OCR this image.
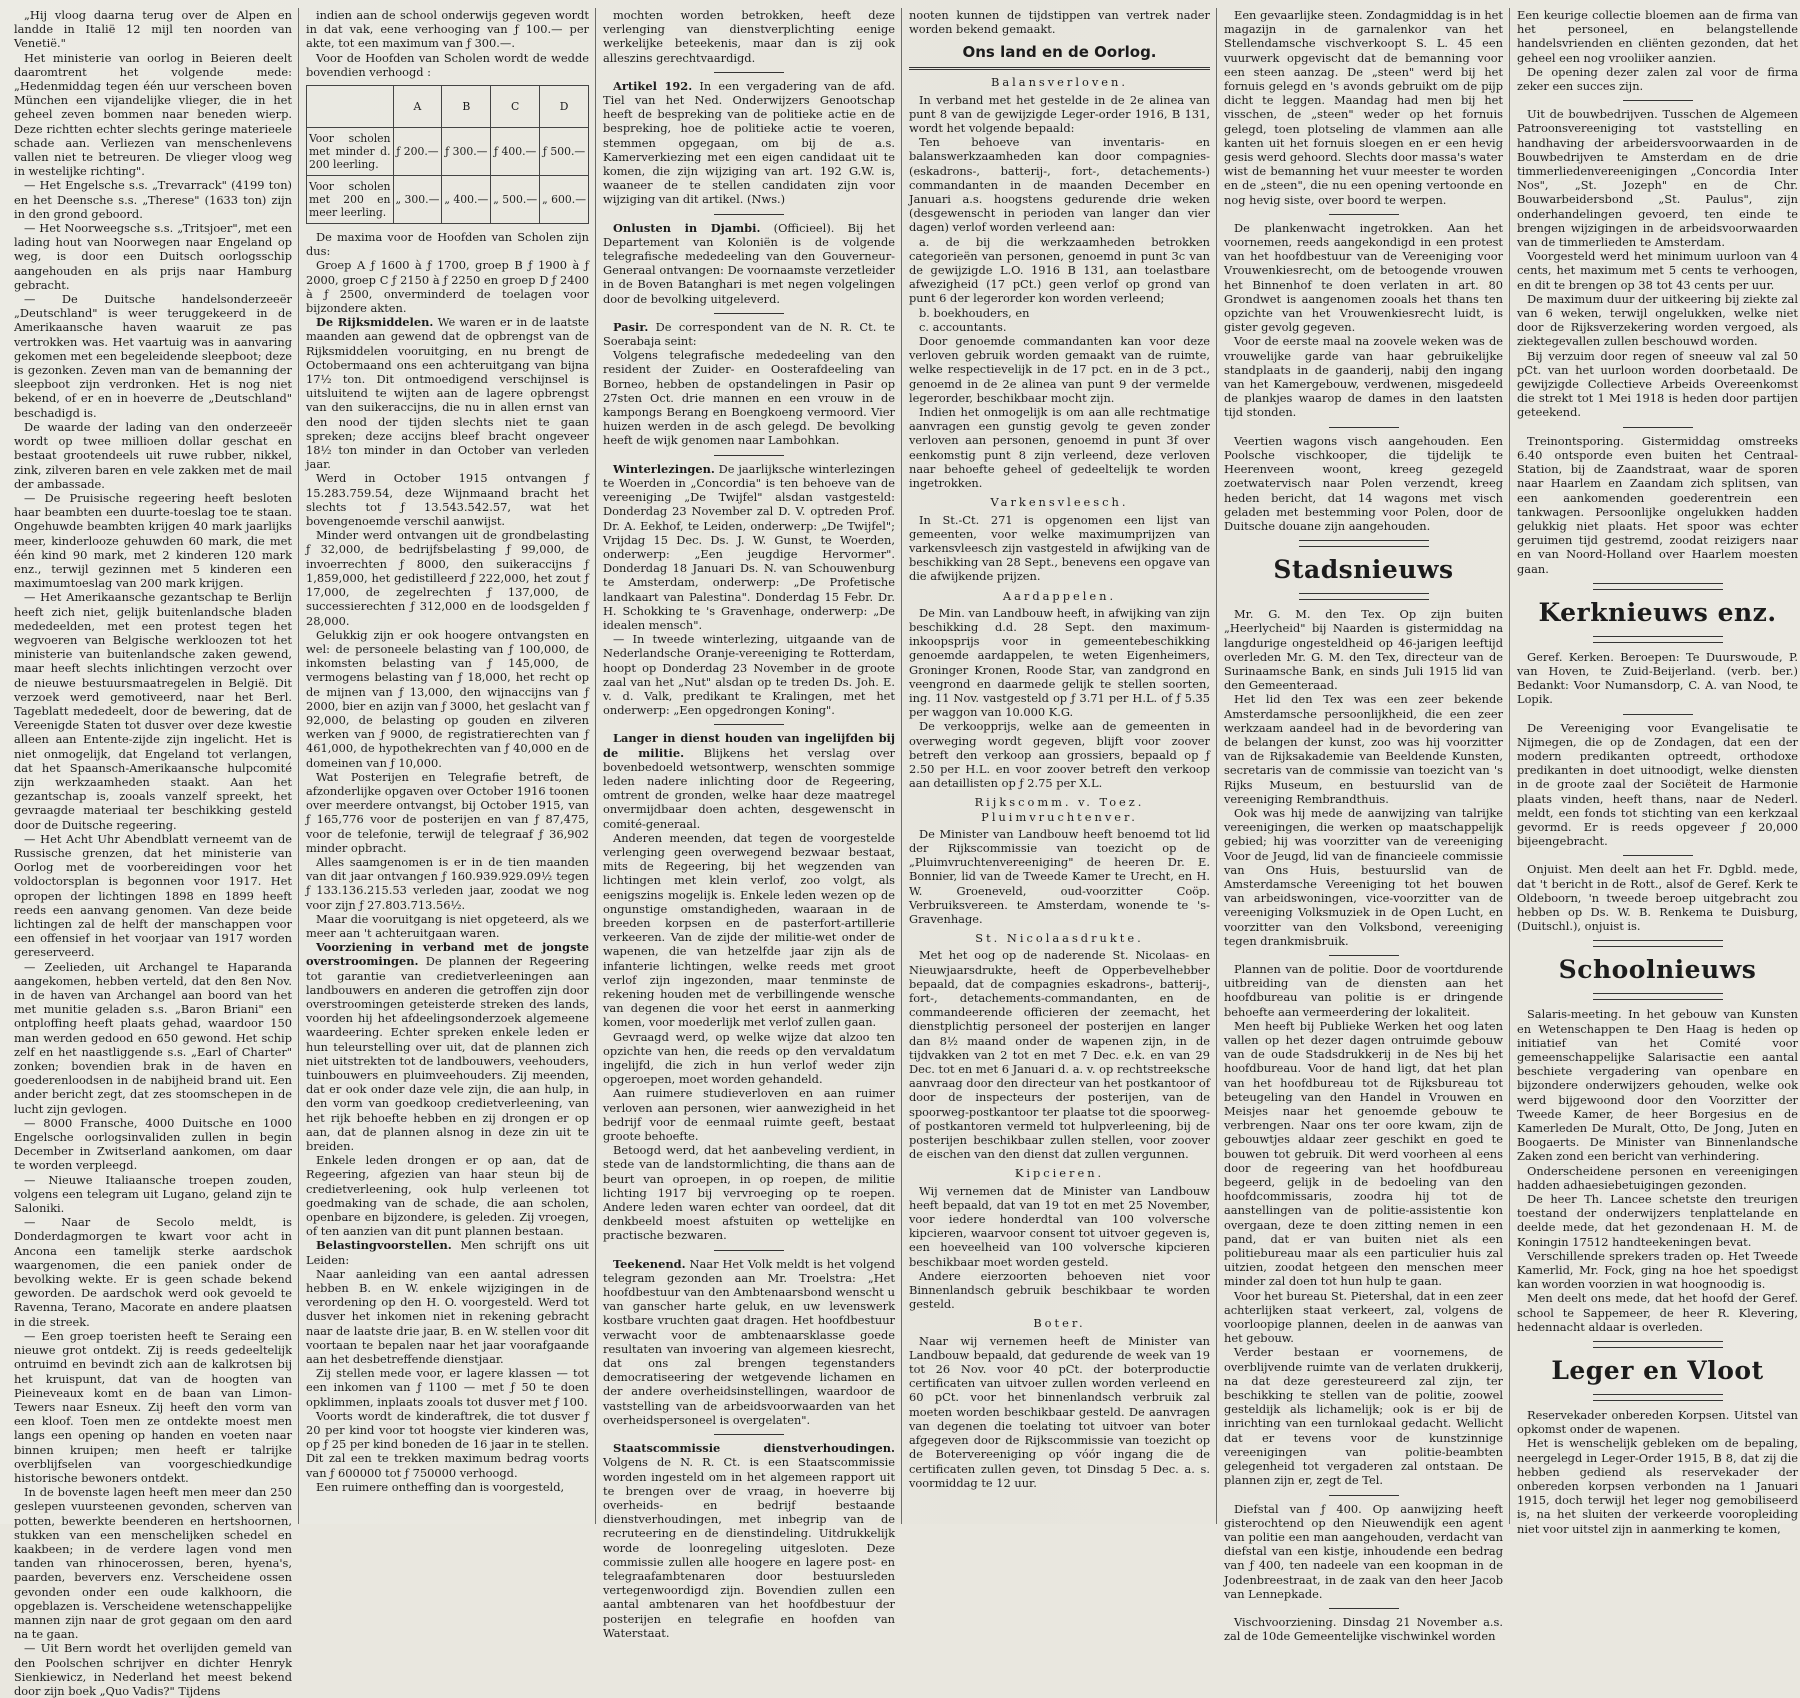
„Hij vloog daarna terug over de Alpen en landde in Italië 12 mijl ten noorden van Venetië."

Het ministerie van oorlog in Beieren deelt daaromtrent het volgende mede: „Hedenmiddag tegen één uur verscheen boven München een vijandelijke vlieger, die in het geheel zeven bommen naar beneden wierp. Deze richtten echter slechts geringe materieele schade aan. Verliezen van menschenlevens vallen niet te betreuren. De vlieger vloog weg in westelijke richting".

— Het Engelsche s.s. „Trevarrack" (4199 ton) en het Deensche s.s. „Therese" (1633 ton) zijn in den grond geboord.

— Het Noorweegsche s.s. „Tritsjoer", met een lading hout van Noorwegen naar Engeland op weg, is door een Duitsch oorlogsschip aangehouden en als prijs naar Hamburg gebracht.

— De Duitsche handelsonderzeeër „Deutschland" is weer teruggekeerd in de Amerikaansche haven waaruit ze pas vertrokken was. Het vaartuig was in aanvaring gekomen met een begeleidende sleepboot; deze is gezonken. Zeven man van de bemanning der sleepboot zijn verdronken. Het is nog niet bekend, of er en in hoeverre de „Deutschland" beschadigd is.

De waarde der lading van den onderzeeër wordt op twee millioen dollar geschat en bestaat grootendeels uit ruwe rubber, nikkel, zink, zilveren baren en vele zakken met de mail der ambassade.

— De Pruisische regeering heeft besloten haar beambten een duurte-toeslag toe te staan. Ongehuwde beambten krijgen 40 mark jaarlijks meer, kinderlooze gehuwden 60 mark, die met één kind 90 mark, met 2 kinderen 120 mark enz., terwijl gezinnen met 5 kinderen een maximumtoeslag van 200 mark krijgen.

— Het Amerikaansche gezantschap te Berlijn heeft zich niet, gelijk buitenlandsche bladen mededeelden, met een protest tegen het wegvoeren van Belgische werkloozen tot het ministerie van buitenlandsche zaken gewend, maar heeft slechts inlichtingen verzocht over de nieuwe bestuursmaatregelen in België. Dit verzoek werd gemotiveerd, naar het Berl. Tageblatt mededeelt, door de bewering, dat de Vereenigde Staten tot dusver over deze kwestie alleen aan Entente-zijde zijn ingelicht. Het is niet onmogelijk, dat Engeland tot verlangen, dat het Spaansch-Amerikaansche hulpcomité zijn werkzaamheden staakt. Aan het gezantschap is, zooals vanzelf spreekt, het gevraagde materiaal ter beschikking gesteld door de Duitsche regeering.

— Het Acht Uhr Abendblatt verneemt van de Russische grenzen, dat het ministerie van Oorlog met de voorbereidingen voor het voldoctorsplan is begonnen voor 1917. Het opropen der lichtingen 1898 en 1899 heeft reeds een aanvang genomen. Van deze beide lichtingen zal de helft der manschappen voor een offensief in het voorjaar van 1917 worden gereserveerd.

— Zeelieden, uit Archangel te Haparanda aangekomen, hebben verteld, dat den 8en Nov. in de haven van Archangel aan boord van het met munitie geladen s.s. „Baron Briani" een ontploffing heeft plaats gehad, waardoor 150 man werden gedood en 650 gewond. Het schip zelf en het naastliggende s.s. „Earl of Charter" zonken; bovendien brak in de haven en goederenloodsen in de nabijheid brand uit. Een ander bericht zegt, dat zes stoomschepen in de lucht zijn gevlogen.

— 8000 Fransche, 4000 Duitsche en 1000 Engelsche oorlogsinvaliden zullen in begin December in Zwitserland aankomen, om daar te worden verpleegd.

— Nieuwe Italiaansche troepen zouden, volgens een telegram uit Lugano, geland zijn te Saloniki.

— Naar de Secolo meldt, is Donderdagmorgen te kwart voor acht in Ancona een tamelijk sterke aardschok waargenomen, die een paniek onder de bevolking wekte. Er is geen schade bekend geworden. De aardschok werd ook gevoeld te Ravenna, Terano, Macorate en andere plaatsen in die streek.

— Een groep toeristen heeft te Seraing een nieuwe grot ontdekt. Zij is reeds gedeeltelijk ontruimd en bevindt zich aan de kalkrotsen bij het kruispunt, dat van de hoogten van Pieineveaux komt en de baan van Limon-Tewers naar Esneux. Zij heeft den vorm van een kloof. Toen men ze ontdekte moest men langs een opening op handen en voeten naar binnen kruipen; men heeft er talrijke overblijfselen van voorgeschiedkundige historische bewoners ontdekt.

In de bovenste lagen heeft men meer dan 250 geslepen vuursteenen gevonden, scherven van potten, bewerkte beenderen en hertshoornen, stukken van een menschelijken schedel en kaakbeen; in de verdere lagen vond men tanden van rhinocerossen, beren, hyena's, paarden, beververs enz. Verscheidene ossen gevonden onder een oude kalkhoorn, die opgeblazen is. Verscheidene wetenschappelijke mannen zijn naar de grot gegaan om den aard na te gaan.

— Uit Bern wordt het overlijden gemeld van den Poolschen schrijver en dichter Henryk Sienkiewicz, in Nederland het meest bekend door zijn boek „Quo Vadis?" Tijdens

indien aan de school onderwijs gegeven wordt in dat vak, eene verhooging van ƒ 100.— per akte, tot een maximum van ƒ 300.—.

Voor de Hoofden van Scholen wordt de wedde bovendien verhoogd :

	A	B	C	D
Voor scholen met minder d. 200 leerling.	ƒ 200.—	ƒ 300.—	ƒ 400.—	ƒ 500.—
Voor scholen met 200 en meer leerling.	„ 300.—	„ 400.—	„ 500.—	„ 600.—

De maxima voor de Hoofden van Scholen zijn dus:

Groep A ƒ 1600 à ƒ 1700, groep B ƒ 1900 à ƒ 2000, groep C ƒ 2150 à ƒ 2250 en groep D ƒ 2400 à ƒ 2500, onverminderd de toelagen voor bijzondere akten.

De Rijksmiddelen. We waren er in de laatste maanden aan gewend dat de opbrengst van de Rijksmiddelen vooruitging, en nu brengt de Octobermaand ons een achteruitgang van bijna 17½ ton. Dit ontmoedigend verschijnsel is uitsluitend te wijten aan de lagere opbrengst van den suikeraccijns, die nu in allen ernst van den nood der tijden slechts niet te gaan spreken; deze accijns bleef bracht ongeveer 18½ ton minder in dan October van verleden jaar.

Werd in October 1915 ontvangen ƒ 15.283.759.54, deze Wijnmaand bracht het slechts tot ƒ 13.543.542.57, wat het bovengenoemde verschil aanwijst.

Minder werd ontvangen uit de grondbelasting ƒ 32,000, de bedrijfsbelasting ƒ 99,000, de invoerrechten ƒ 8000, den suikeraccijns ƒ 1,859,000, het gedistilleerd ƒ 222,000, het zout ƒ 17,000, de zegelrechten ƒ 137,000, de successierechten ƒ 312,000 en de loodsgelden ƒ 28,000.

Gelukkig zijn er ook hoogere ontvangsten en wel: de personeele belasting van ƒ 100,000, de inkomsten belasting van ƒ 145,000, de vermogens belasting van ƒ 18,000, het recht op de mijnen van ƒ 13,000, den wijnaccijns van ƒ 2000, bier en azijn van ƒ 3000, het geslacht van ƒ 92,000, de belasting op gouden en zilveren werken van ƒ 9000, de registratierechten van ƒ 461,000, de hypothekrechten van ƒ 40,000 en de domeinen van ƒ 10,000.

Wat Posterijen en Telegrafie betreft, de afzonderlijke opgaven over October 1916 toonen over meerdere ontvangst, bij October 1915, van ƒ 165,776 voor de posterijen en van ƒ 87,475, voor de telefonie, terwijl de telegraaf ƒ 36,902 minder opbracht.

Alles saamgenomen is er in de tien maanden van dit jaar ontvangen ƒ 160.939.929.09½ tegen ƒ 133.136.215.53 verleden jaar, zoodat we nog voor zijn ƒ 27.803.713.56½.

Maar die vooruitgang is niet opgeteerd, als we meer aan 't achteruitgaan waren.

Voorziening in verband met de jongste overstroomingen. De plannen der Regeering tot garantie van credietverleeningen aan landbouwers en anderen die getroffen zijn door overstroomingen geteisterde streken des lands, voorden hij het afdeelingsonderzoek algemeene waardeering. Echter spreken enkele leden er hun teleurstelling over uit, dat de plannen zich niet uitstrekten tot de landbouwers, veehouders, tuinbouwers en pluimveehouders. Zij meenden, dat er ook onder daze vele zijn, die aan hulp, in den vorm van goedkoop credietverleening, van het rijk behoefte hebben en zij drongen er op aan, dat de plannen alsnog in deze zin uit te breiden.

Enkele leden drongen er op aan, dat de Regeering, afgezien van haar steun bij de credietverleening, ook hulp verleenen tot goedmaking van de schade, die aan scholen, openbare en bijzondere, is geleden. Zij vroegen, of ten aanzien van dit punt plannen bestaan.

Belastingvoorstellen. Men schrijft ons uit Leiden:

Naar aanleiding van een aantal adressen hebben B. en W. enkele wijzigingen in de verordening op den H. O. voorgesteld. Werd tot dusver het inkomen niet in rekening gebracht naar de laatste drie jaar, B. en W. stellen voor dit voortaan te bepalen naar het jaar voorafgaande aan het desbetreffende dienstjaar.

Zij stellen mede voor, er lagere klassen — tot een inkomen van ƒ 1100 — met ƒ 50 te doen opklimmen, inplaats zooals tot dusver met ƒ 100.

Voorts wordt de kinderaftrek, die tot dusver ƒ 20 per kind voor tot hoogste vier kinderen was, op ƒ 25 per kind boneden de 16 jaar in te stellen. Dit zal een te trekken maximum bedrag voorts van ƒ 600000 tot ƒ 750000 verhoogd.

Een ruimere ontheffing dan is voorgesteld,

mochten worden betrokken, heeft deze verlenging van dienstverplichting eenige werkelijke beteekenis, maar dan is zij ook alleszins gerechtvaardigd.

Artikel 192. In een vergadering van de afd. Tiel van het Ned. Onderwijzers Genootschap heeft de bespreking van de politieke actie en de bespreking, hoe de politieke actie te voeren, stemmen opgegaan, om bij de a.s. Kamerverkiezing met een eigen candidaat uit te komen, die zijn wijziging van art. 192 G.W. is, waaneer de te stellen candidaten zijn voor wijziging van dit artikel. (Nws.)

Onlusten in Djambi. (Officieel). Bij het Departement van Koloniën is de volgende telegrafische mededeeling van den Gouverneur-Generaal ontvangen: De voornaamste verzetleider in de Boven Batanghari is met negen volgelingen door de bevolking uitgeleverd.

Pasir. De correspondent van de N. R. Ct. te Soerabaja seint:

Volgens telegrafische mededeeling van den resident der Zuider- en Oosterafdeeling van Borneo, hebben de opstandelingen in Pasir op 27sten Oct. drie mannen en een vrouw in de kampongs Berang en Boengkoeng vermoord. Vier huizen werden in de asch gelegd. De bevolking heeft de wijk genomen naar Lambohkan.

Winterlezingen. De jaarlijksche winterlezingen te Woerden in „Concordia" is ten behoeve van de vereeniging „De Twijfel" alsdan vastgesteld: Donderdag 23 November zal D. V. optreden Prof. Dr. A. Eekhof, te Leiden, onderwerp: „De Twijfel"; Vrijdag 15 Dec. Ds. J. W. Gunst, te Woerden, onderwerp: „Een jeugdige Hervormer". Donderdag 18 Januari Ds. N. van Schouwenburg te Amsterdam, onderwerp: „De Profetische landkaart van Palestina". Donderdag 15 Febr. Dr. H. Schokking te 's Gravenhage, onderwerp: „De idealen mensch".

— In tweede winterlezing, uitgaande van de Nederlandsche Oranje-vereeniging te Rotterdam, hoopt op Donderdag 23 November in de groote zaal van het „Nut" alsdan op te treden Ds. Joh. E. v. d. Valk, predikant te Kralingen, met het onderwerp: „Een opgedrongen Koning".

Langer in dienst houden van ingelijfden bij de militie. Blijkens het verslag over bovenbedoeld wetsontwerp, wenschten sommige leden nadere inlichting door de Regeering, omtrent de gronden, welke haar deze maatregel onvermijdbaar doen achten, desgewenscht in comité-generaal.

Anderen meenden, dat tegen de voorgestelde verlenging geen overwegend bezwaar bestaat, mits de Regeering, bij het wegzenden van lichtingen met klein verlof, zoo volgt, als eenigszins mogelijk is. Enkele leden wezen op de ongunstige omstandigheden, waaraan in de breeden korpsen en de pasterfort-artillerie verkeeren. Van de zijde der militie-wet onder de wapenen, die van hetzelfde jaar zijn als de infanterie lichtingen, welke reeds met groot verlof zijn ingezonden, maar tenminste de rekening houden met de verbillingende wensche van degenen die voor het eerst in aanmerking komen, voor moederlijk met verlof zullen gaan.

Gevraagd werd, op welke wijze dat alzoo ten opzichte van hen, die reeds op den vervaldatum ingelijfd, die zich in hun verlof weder zijn opgeroepen, moet worden gehandeld.

Aan ruimere studieverloven en aan ruimer verloven aan personen, wier aanwezigheid in het bedrijf voor de eenmaal ruimte geeft, bestaat groote behoefte.

Betoogd werd, dat het aanbeveling verdient, in stede van de landstormlichting, die thans aan de beurt van oproepen, in op roepen, de militie lichting 1917 bij vervroeging op te roepen. Andere leden waren echter van oordeel, dat dit denkbeeld moest afstuiten op wettelijke en practische bezwaren.

Teekenend. Naar Het Volk meldt is het volgend telegram gezonden aan Mr. Troelstra: „Het hoofdbestuur van den Ambtenaarsbond wenscht u van ganscher harte geluk, en uw levenswerk kostbare vruchten gaat dragen. Het hoofdbestuur verwacht voor de ambtenaarsklasse goede resultaten van invoering van algemeen kiesrecht, dat ons zal brengen tegenstanders democratiseering der wetgevende lichamen en der andere overheidsinstellingen, waardoor de vaststelling van de arbeidsvoorwaarden van het overheidspersoneel is overgelaten".

Staatscommissie dienstverhoudingen. Volgens de N. R. Ct. is een Staatscommissie worden ingesteld om in het algemeen rapport uit te brengen over de vraag, in hoeverre bij overheids- en bedrijf bestaande dienstverhoudingen, met inbegrip van de recruteering en de dienstindeling. Uitdrukkelijk worde de loonregeling uitgesloten. Deze commissie zullen alle hoogere en lagere post- en telegraafambtenaren door bestuursleden vertegenwoordigd zijn. Bovendien zullen een aantal ambtenaren van het hoofdbestuur der posterijen en telegrafie en hoofden van Waterstaat.

nooten kunnen de tijdstippen van vertrek nader worden bekend gemaakt.

Ons land en de Oorlog.
Balansverloven.

In verband met het gestelde in de 2e alinea van punt 8 van de gewijzigde Leger-order 1916, B 131, wordt het volgende bepaald:

Ten behoeve van inventaris- en balanswerkzaamheden kan door compagnies- (eskadrons-, batterij-, fort-, detachements-) commandanten in de maanden December en Januari a.s. hoogstens gedurende drie weken (desgewenscht in perioden van langer dan vier dagen) verlof worden verleend aan:

a. de bij die werkzaamheden betrokken categorieën van personen, genoemd in punt 3c van de gewijzigde L.O. 1916 B 131, aan toelastbare afwezigheid (17 pCt.) geen verlof op grond van punt 6 der legerorder kon worden verleend;

b. boekhouders, en

c. accountants.

Door genoemde commandanten kan voor deze verloven gebruik worden gemaakt van de ruimte, welke respectievelijk in de 17 pct. en in de 3 pct., genoemd in de 2e alinea van punt 9 der vermelde legerorder, beschikbaar mocht zijn.

Indien het onmogelijk is om aan alle rechtmatige aanvragen een gunstig gevolg te geven zonder verloven aan personen, genoemd in punt 3f over eenkomstig punt 8 zijn verleend, deze verloven naar behoefte geheel of gedeeltelijk te worden ingetrokken.

Varkensvleesch.

In St.-Ct. 271 is opgenomen een lijst van gemeenten, voor welke maximumprijzen van varkensvleesch zijn vastgesteld in afwijking van de beschikking van 28 Sept., benevens een opgave van die afwijkende prijzen.

Aardappelen.

De Min. van Landbouw heeft, in afwijking van zijn beschikking d.d. 28 Sept. den maximum-inkoopsprijs voor in gemeentebeschikking genoemde aardappelen, te weten Eigenheimers, Groninger Kronen, Roode Star, van zandgrond en veengrond en daarmede gelijk te stellen soorten, ing. 11 Nov. vastgesteld op ƒ 3.71 per H.L. of ƒ 5.35 per waggon van 10.000 K.G.

De verkoopprijs, welke aan de gemeenten in overweging wordt gegeven, blijft voor zoover betreft den verkoop aan grossiers, bepaald op ƒ 2.50 per H.L. en voor zoover betreft den verkoop aan detaillisten op ƒ 2.75 per X.L.

Rijkscomm. v. Toez. Pluimvruchtenver.

De Minister van Landbouw heeft benoemd tot lid der Rijkscommissie van toezicht op de „Pluimvruchtenvereeniging" de heeren Dr. E. Bonnier, lid van de Tweede Kamer te Urecht, en H. W. Groeneveld, oud-voorzitter Coöp. Verbruiksvereen. te Amsterdam, wonende te 's-Gravenhage.

St. Nicolaasdrukte.

Met het oog op de naderende St. Nicolaas- en Nieuwjaarsdrukte, heeft de Opperbevelhebber bepaald, dat de compagnies eskadrons-, batterij-, fort-, detachements-commandanten, en de commandeerende officieren der zeemacht, het dienstplichtig personeel der posterijen en langer dan 8½ maand onder de wapenen zijn, in de tijdvakken van 2 tot en met 7 Dec. e.k. en van 29 Dec. tot en met 6 Januari d. a. v. op rechtstreeksche aanvraag door den directeur van het postkantoor of door de inspecteurs der posterijen, van de spoorweg-postkantoor ter plaatse tot die spoorweg- of postkantoren vermeld tot hulpverleening, bij de posterijen beschikbaar zullen stellen, voor zoover de eischen van den dienst dat zullen vergunnen.

Kipcieren.

Wij vernemen dat de Minister van Landbouw heeft bepaald, dat van 19 tot en met 25 November, voor iedere honderdtal van 100 volversche kipcieren, waarvoor consent tot uitvoer gegeven is, een hoeveelheid van 100 volversche kipcieren beschikbaar moet worden gesteld.

Andere eierzoorten behoeven niet voor Binnenlandsch gebruik beschikbaar te worden gesteld.

Boter.

Naar wij vernemen heeft de Minister van Landbouw bepaald, dat gedurende de week van 19 tot 26 Nov. voor 40 pCt. der boterproductie certificaten van uitvoer zullen worden verleend en 60 pCt. voor het binnenlandsch verbruik zal moeten worden beschikbaar gesteld. De aanvragen van degenen die toelating tot uitvoer van boter afgegeven door de Rijkscommissie van toezicht op de Botervereeniging op vóór ingang die de certificaten zullen geven, tot Dinsdag 5 Dec. a. s. voormiddag te 12 uur.

Een gevaarlijke steen. Zondagmiddag is in het magazijn in de garnalenkor van het Stellendamsche vischverkoopt S. L. 45 een vuurwerk opgevischt dat de bemanning voor een steen aanzag. De „steen" werd bij het fornuis gelegd en 's avonds gebruikt om de pijp dicht te leggen. Maandag had men bij het visschen, de „steen" weder op het fornuis gelegd, toen plotseling de vlammen aan alle kanten uit het fornuis sloegen en er een hevig gesis werd gehoord. Slechts door massa's water wist de bemanning het vuur meester te worden en de „steen", die nu een opening vertoonde en nog hevig siste, over boord te werpen.

De plankenwacht ingetrokken. Aan het voornemen, reeds aangekondigd in een protest van het hoofdbestuur van de Vereeniging voor Vrouwenkiesrecht, om de betoogende vrouwen het Binnenhof te doen verlaten in art. 80 Grondwet is aangenomen zooals het thans ten opzichte van het Vrouwenkiesrecht luidt, is gister gevolg gegeven.

Voor de eerste maal na zoovele weken was de vrouwelijke garde van haar gebruikelijke standplaats in de gaanderij, nabij den ingang van het Kamergebouw, verdwenen, misgedeeld de plankjes waarop de dames in den laatsten tijd stonden.

Veertien wagons visch aangehouden. Een Poolsche vischkooper, die tijdelijk te Heerenveen woont, kreeg gezegeld zoetwatervisch naar Polen verzendt, kreeg heden bericht, dat 14 wagons met visch geladen met bestemming voor Polen, door de Duitsche douane zijn aangehouden.

Stadsnieuws

Mr. G. M. den Tex. Op zijn buiten „Heerlycheid" bij Naarden is gistermiddag na langdurige ongesteldheid op 46-jarigen leeftijd overleden Mr. G. M. den Tex, directeur van de Surinaamsche Bank, en sinds Juli 1915 lid van den Gemeenteraad.

Het lid den Tex was een zeer bekende Amsterdamsche persoonlijkheid, die een zeer werkzaam aandeel had in de bevordering van de belangen der kunst, zoo was hij voorzitter van de Rijksakademie van Beeldende Kunsten, secretaris van de commissie van toezicht van 's Rijks Museum, en bestuurslid van de vereeniging Rembrandthuis.

Ook was hij mede de aanwijzing van talrijke vereenigingen, die werken op maatschappelijk gebied; hij was voorzitter van de vereeniging Voor de Jeugd, lid van de financieele commissie van Ons Huis, bestuurslid van de Amsterdamsche Vereeniging tot het bouwen van arbeidswoningen, vice-voorzitter van de vereeniging Volksmuziek in de Open Lucht, en voorzitter van den Volksbond, vereeniging tegen drankmisbruik.

Plannen van de politie. Door de voortdurende uitbreiding van de diensten aan het hoofdbureau van politie is er dringende behoefte aan vermeerdering der lokaliteit.

Men heeft bij Publieke Werken het oog laten vallen op het dezer dagen ontruimde gebouw van de oude Stadsdrukkerij in de Nes bij het hoofdbureau. Voor de hand ligt, dat het plan van het hoofdbureau tot de Rijksbureau tot beteugeling van den Handel in Vrouwen en Meisjes naar het genoemde gebouw te verbrengen. Naar ons ter oore kwam, zijn de gebouwtjes aldaar zeer geschikt en goed te bouwen tot gebruik. Dit werd voorheen al eens door de regeering van het hoofdbureau begeerd, gelijk in de bedoeling van den hoofdcommissaris, zoodra hij tot de aanstellingen van de politie-assistentie kon overgaan, deze te doen zitting nemen in een pand, dat er van buiten niet als een politiebureau maar als een particulier huis zal uitzien, zoodat hetgeen den menschen meer minder zal doen tot hun hulp te gaan.

Voor het bureau St. Pietershal, dat in een zeer achterlijken staat verkeert, zal, volgens de voorloopige plannen, deelen in de aanwas van het gebouw.

Verder bestaan er voornemens, de overblijvende ruimte van de verlaten drukkerij, na dat deze geresteureerd zal zijn, ter beschikking te stellen van de politie, zoowel gesteldijk als lichamelijk; ook is er bij de inrichting van een turnlokaal gedacht. Wellicht dat er tevens voor de kunstzinnige vereenigingen van politie-beambten gelegenheid tot vergaderen zal ontstaan. De plannen zijn er, zegt de Tel.

Diefstal van ƒ 400. Op aanwijzing heeft gisterochtend op den Nieuwendijk een agent van politie een man aangehouden, verdacht van diefstal van een kistje, inhoudende een bedrag van ƒ 400, ten nadeele van een koopman in de Jodenbreestraat, in de zaak van den heer Jacob van Lennepkade.

Vischvoorziening. Dinsdag 21 November a.s. zal de 10de Gemeentelijke vischwinkel worden

Een keurige collectie bloemen aan de firma van het personeel, en belangstellende handelsvrienden en cliënten gezonden, dat het geheel een nog vrooliiker aanzien.

De opening dezer zalen zal voor de firma zeker een succes zijn.

Uit de bouwbedrijven. Tusschen de Algemeen Patroonsvereeniging tot vaststelling en handhaving der arbeidersvoorwaarden in de Bouwbedrijven te Amsterdam en de drie timmerliedenvereenigingen „Concordia Inter Nos", „St. Jozeph" en de Chr. Bouwarbeidersbond „St. Paulus", zijn onderhandelingen gevoerd, ten einde te brengen wijzigingen in de arbeidsvoorwaarden van de timmerlieden te Amsterdam.

Voorgesteld werd het minimum uurloon van 4 cents, het maximum met 5 cents te verhoogen, en dit te brengen op 38 tot 43 cents per uur.

De maximum duur der uitkeering bij ziekte zal van 6 weken, terwijl ongelukken, welke niet door de Rijksverzekering worden vergoed, als ziektegevallen zullen beschouwd worden.

Bij verzuim door regen of sneeuw val zal 50 pCt. van het uurloon worden doorbetaald. De gewijzigde Collectieve Arbeids Overeenkomst die strekt tot 1 Mei 1918 is heden door partijen geteekend.

Treinontsporing. Gistermiddag omstreeks 6.40 ontsporde even buiten het Centraal-Station, bij de Zaandstraat, waar de sporen naar Haarlem en Zaandam zich splitsen, van een aankomenden goederentrein een tankwagen. Persoonlijke ongelukken hadden gelukkig niet plaats. Het spoor was echter geruimen tijd gestremd, zoodat reizigers naar en van Noord-Holland over Haarlem moesten gaan.

Kerknieuws enz.

Geref. Kerken. Beroepen: Te Duurswoude, P. van Hoven, te Zuid-Beijerland. (verb. ber.) Bedankt: Voor Numansdorp, C. A. van Nood, te Lopik.

De Vereeniging voor Evangelisatie te Nijmegen, die op de Zondagen, dat een der modern predikanten optreedt, orthodoxe predikanten in doet uitnoodigt, welke diensten in de groote zaal der Sociëteit de Harmonie plaats vinden, heeft thans, naar de Nederl. meldt, een fonds tot stichting van een kerkzaal gevormd. Er is reeds opgeveer ƒ 20,000 bijeengebracht.

Onjuist. Men deelt aan het Fr. Dgbld. mede, dat 't bericht in de Rott., alsof de Geref. Kerk te Oldeboorn, 'n tweede beroep uitgebracht zou hebben op Ds. W. B. Renkema te Duisburg, (Duitschl.), onjuist is.

Schoolnieuws

Salaris-meeting. In het gebouw van Kunsten en Wetenschappen te Den Haag is heden op initiatief van het Comité voor gemeenschappelijke Salarisactie een aantal beschiete vergadering van openbare en bijzondere onderwijzers gehouden, welke ook werd bijgewoond door den Voorzitter der Tweede Kamer, de heer Borgesius en de Kamerleden De Muralt, Otto, De Jong, Juten en Boogaerts. De Minister van Binnenlandsche Zaken zond een bericht van verhindering.

Onderscheidene personen en vereenigingen hadden adhaesiebetuigingen gezonden.

De heer Th. Lancee schetste den treurigen toestand der onderwijzers tenplattelande en deelde mede, dat het gezondenaan H. M. de Koningin 17512 handteekeningen bevat.

Verschillende sprekers traden op. Het Tweede Kamerlid, Mr. Fock, ging na hoe het spoedigst kan worden voorzien in wat hoognoodig is.

Men deelt ons mede, dat het hoofd der Geref. school te Sappemeer, de heer R. Klevering, hedennacht aldaar is overleden.

Leger en Vloot

Reservekader onbereden Korpsen. Uitstel van opkomst onder de wapenen.

Het is wenschelijk gebleken om de bepaling, neergelegd in Leger-Order 1915, B 8, dat zij die hebben gediend als reservekader der onbereden korpsen verbonden na 1 Januari 1915, doch terwijl het leger nog gemobiliseerd is, na het sluiten der verkeerde vooropleiding niet voor uitstel zijn in aanmerking te komen,
